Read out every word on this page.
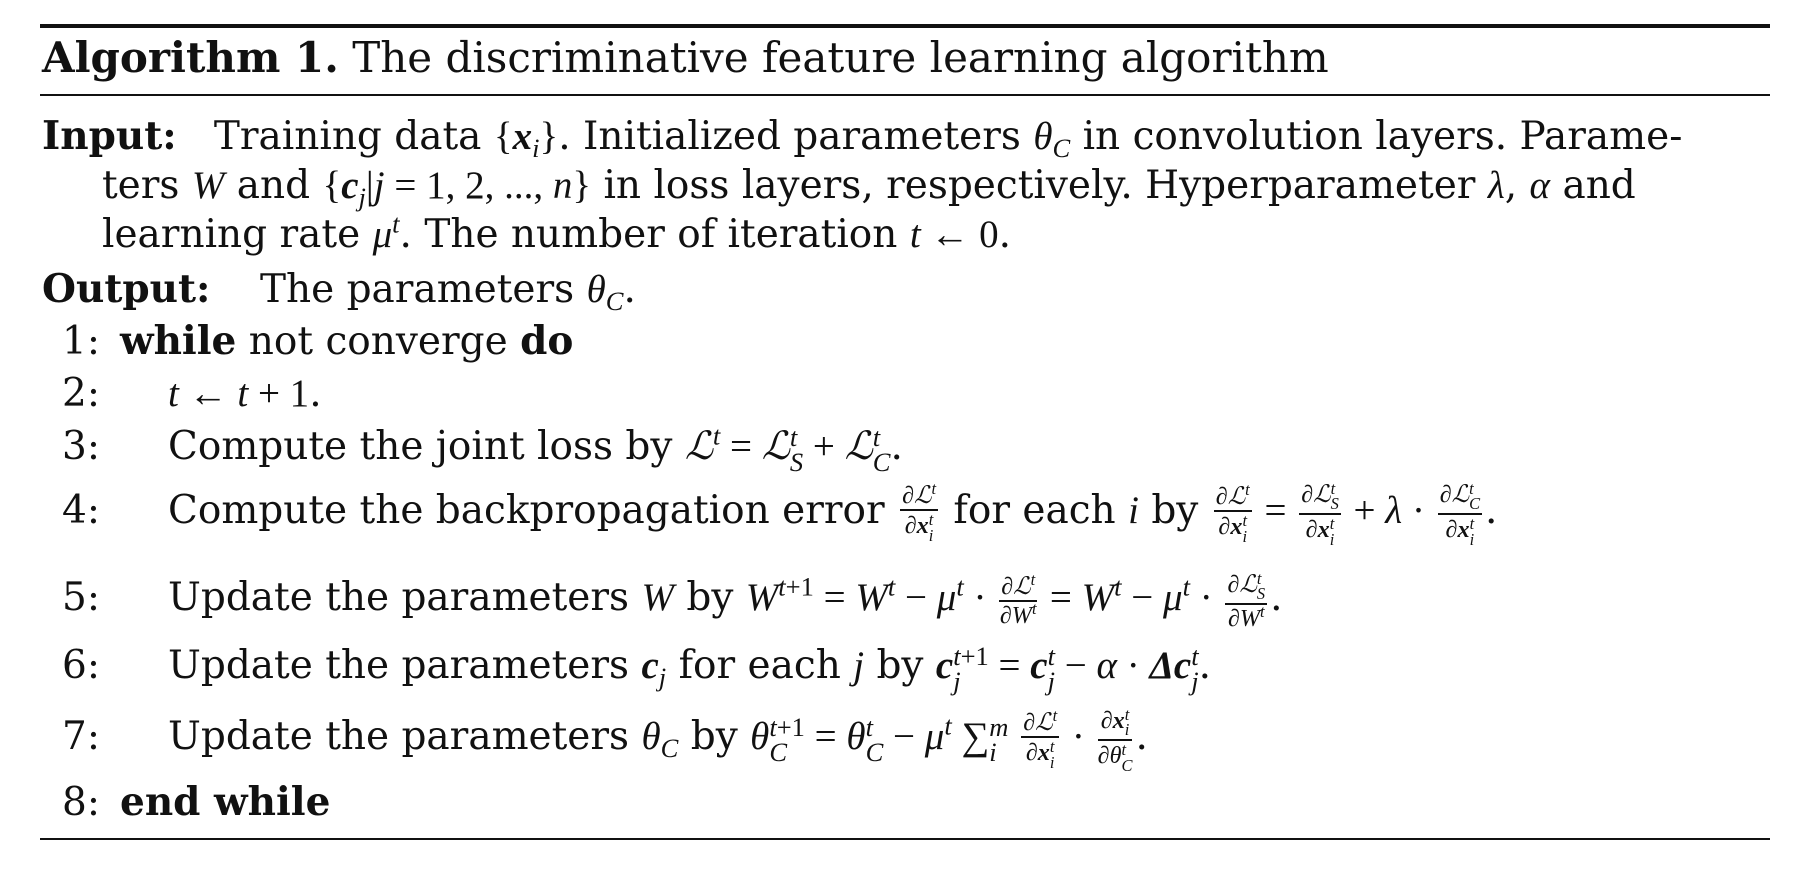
Algorithm 1. The discriminative feature learning algorithm
Input: Training data $\{x_i\}$. Initialized parameters $\theta_C$ in convolution layers. Parame-
ters W and {$c_j|j = 1$, 2, ..., n} in loss layers, respectively. Hyperparameter λ, α and
learning rate $\mu^t$. The number of iteration t ← 0.
Output: The parameters $\theta_C$.
1: while not converge do
2: t ← t + 1.
3: Compute the joint loss by ℒ$^t$ = ℒ t
S + ℒ t
C .
4: Compute the backpropagation error ∂ℒ$^t$
∂x t
i for each i by ∂ℒ$^t$
∂x t
i = ∂ℒ t
S
∂x t
i + λ · ∂ℒ t
C
∂x t
i .
5: Update the parameters W by $W^{t+1} = W^t - \mu^t \cdot \frac{\partial ℒ^t}{\partial W^t} = W^t - \mu^t$ · ∂ℒ t
S
$\partial W^t$ .
6: Update the parameters $c_j$ for each j by c t+1
j = c t
j − α · Δc t
j .
7: Update the parameters $\theta_C$ by θ t+1
C = θ t
$C - \mu^t$ ∑ m
i
	∂ℒ$^t$
∂x t
i · ∂x t
i
∂θ t
C .
8: end while
